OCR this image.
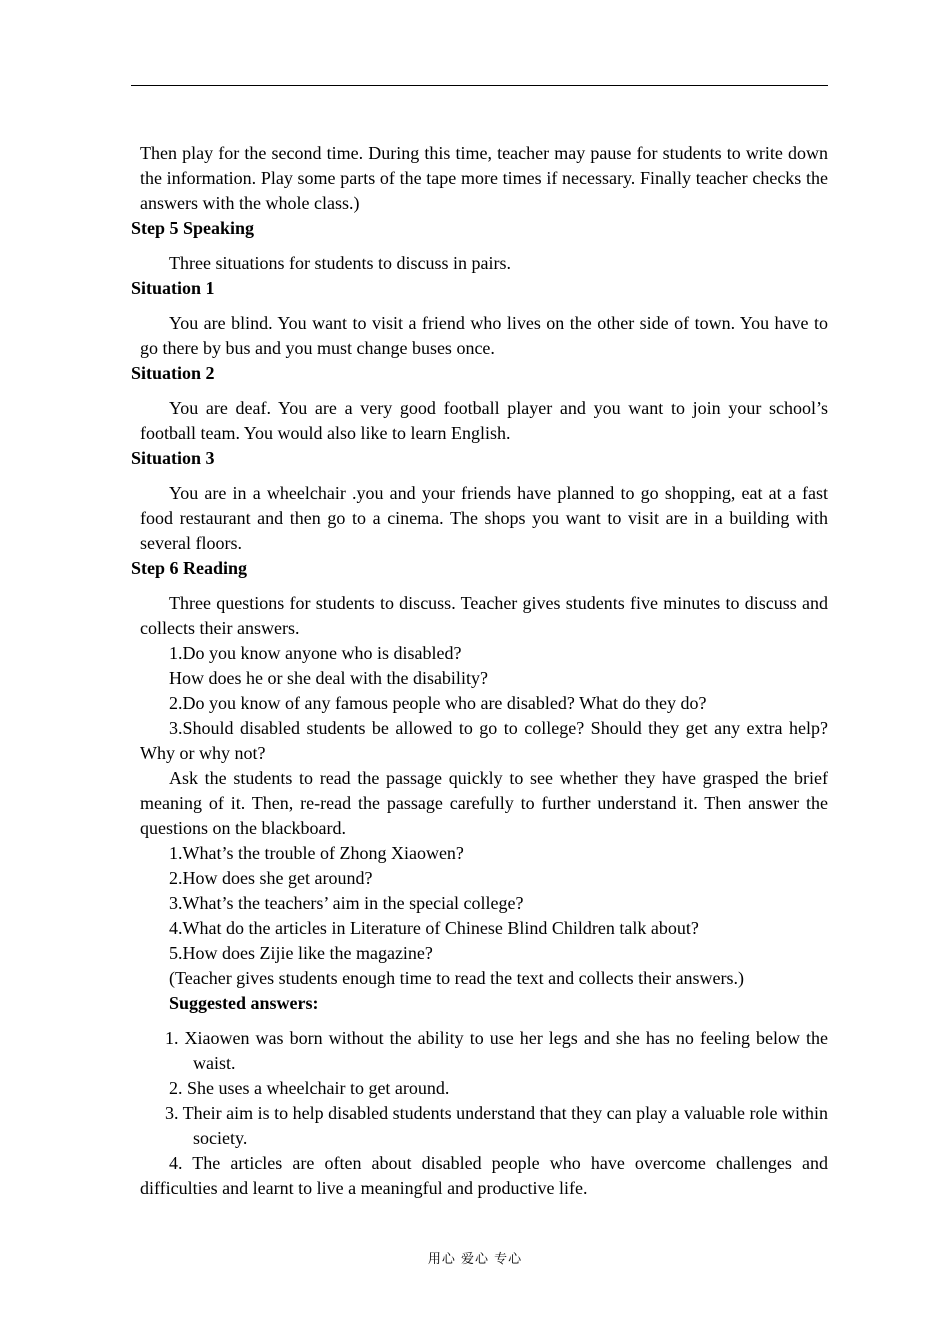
Then play for the second time. During this time, teacher may pause for students to write down the information. Play some parts of the tape more times if necessary. Finally teacher checks the answers with the whole class.)

Step 5 Speaking

Three situations for students to discuss in pairs.

Situation 1

You are blind. You want to visit a friend who lives on the other side of town. You have to go there by bus and you must change buses once.

Situation 2

You are deaf. You are a very good football player and you want to join your school’s football team. You would also like to learn English.

Situation 3

You are in a wheelchair .you and your friends have planned to go shopping, eat at a fast food restaurant and then go to a cinema. The shops you want to visit are in a building with several floors.

Step 6 Reading

Three questions for students to discuss. Teacher gives students five minutes to discuss and collects their answers.

1.Do you know anyone who is disabled?

How does he or she deal with the disability?

2.Do you know of any famous people who are disabled? What do they do?

3.Should disabled students be allowed to go to college? Should they get any extra help? Why or why not?

Ask the students to read the passage quickly to see whether they have grasped the brief meaning of it. Then, re-read the passage carefully to further understand it. Then answer the questions on the blackboard.

1.What’s the trouble of Zhong Xiaowen?

2.How does she get around?

3.What’s the teachers’ aim in the special college?

4.What do the articles in Literature of Chinese Blind Children talk about?

5.How does Zijie like the magazine?

(Teacher gives students enough time to read the text and collects their answers.)

Suggested answers:

1. Xiaowen was born without the ability to use her legs and she has no feeling below the waist.

2. She uses a wheelchair to get around.

3. Their aim is to help disabled students understand that they can play a valuable role within society.

4. The articles are often about disabled people who have overcome challenges and difficulties and learnt to live a meaningful and productive life.

用心 爱心 专心
